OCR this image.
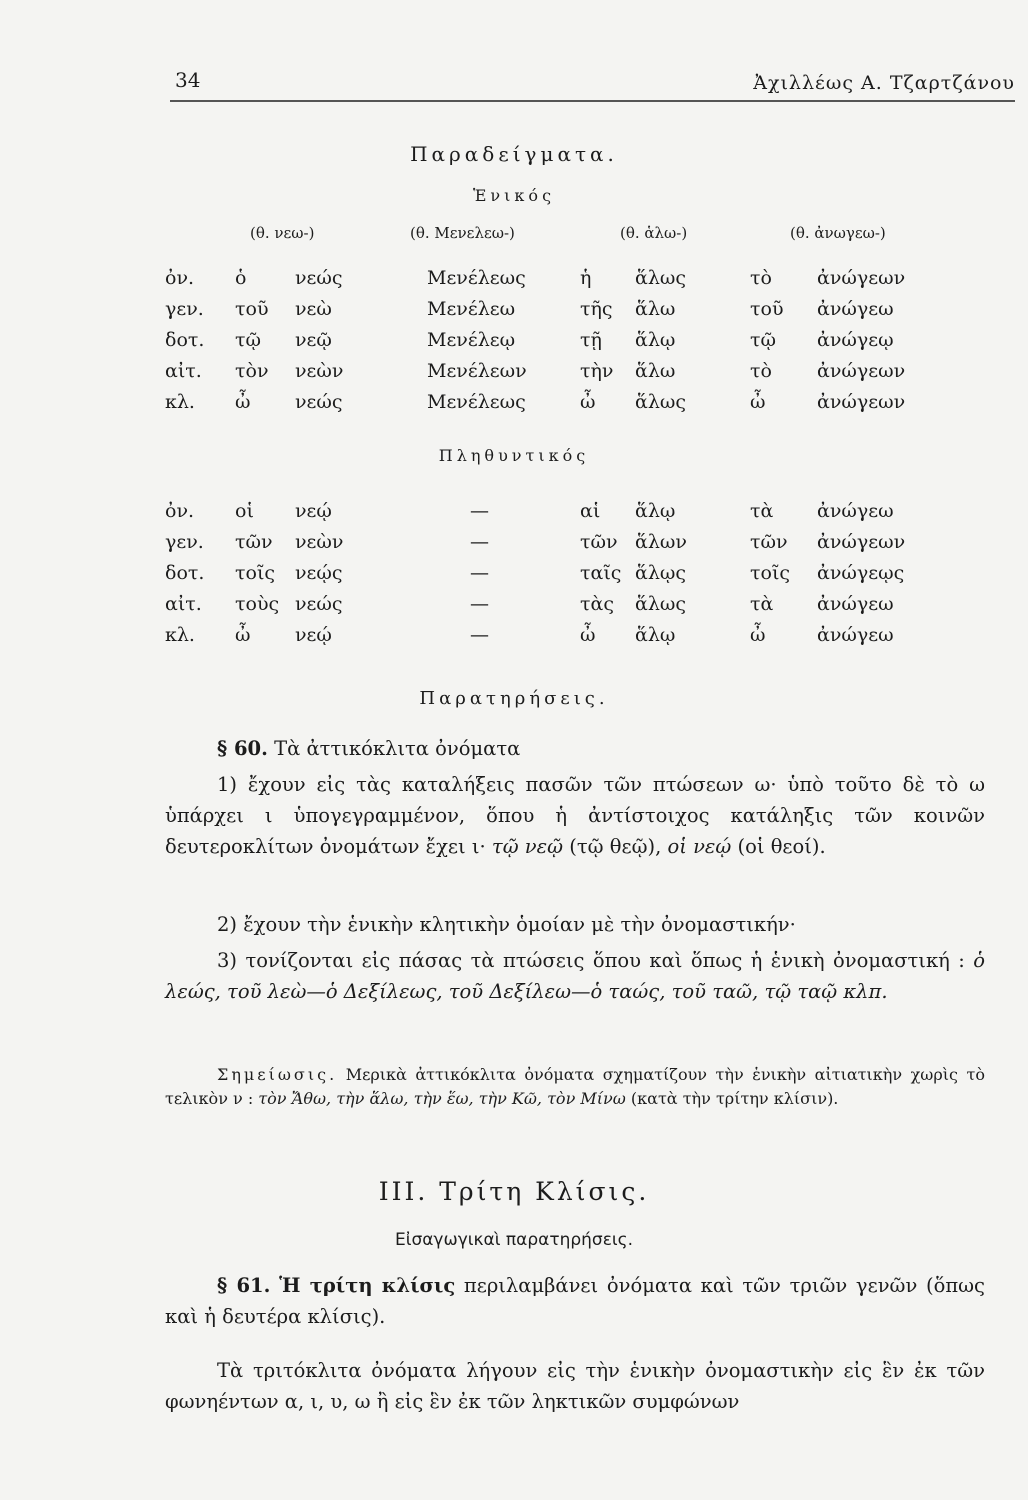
34	Ἀχιλλέως Α. Τζαρτζάνου
Παραδείγματα.
Ἑνικός
(θ. νεω-)	(θ. Μενελεω-)	(θ. ἁλω-)	(θ. ἀνωγεω-)
ὀν. ὁ	νεώς	Μενέλεως	ἡ ἅλως	τὸ ἀνώγεων
γεν. τοῦ νεὼ	Μενέλεω	τῆς ἅλω	τοῦ ἀνώγεω
δοτ. τῷ νεῷ	Μενέλεῳ	τῇ ἅλῳ	τῷ ἀνώγεῳ
αἰτ. τὸν νεὼν	Μενέλεων	τὴν ἅλω	τὸ ἀνώγεων
κλ. ὦ νεώς	Μενέλεως	ὦ ἅλως	ὦ	ἀνώγεων
Πληθυντικός
ὀν. οἱ νεῴ	—	αἱ ἅλῳ	τὰ ἀνώγεω
γεν. τῶν νεὼν	—	τῶν ἅλων	τῶν ἀνώγεων
δοτ. τοῖς νεῴς	—	ταῖς ἅλῳς	τοῖς ἀνώγεῳς
αἰτ. τοὺς νεώς	—	τὰς ἅλως	τὰ ἀνώγεω
κλ. ὦ νεῴ	—	ὦ ἅλῳ	ὦ	ἀνώγεω
Παρατηρήσεις.
§ 60. Τὰ ἀττικόκλιτα ὀνόματα
1) ἔχουν εἰς τὰς καταλήξεις πασῶν τῶν πτώσεων ω· ὑπὸ τοῦτο δὲ τὸ ω ὑπάρχει ι ὑπογεγραμμένον, ὅπου ἡ ἀντίστοιχος κατάληξις τῶν κοινῶν δευτεροκλίτων ὀνομάτων ἔχει ι· τῷ νεῷ (τῷ θεῷ), οἱ νεῴ (οἱ θεοί).
2) ἔχουν τὴν ἑνικὴν κλητικὴν ὁμοίαν μὲ τὴν ὀνομαστικήν·
3) τονίζονται εἰς πάσας τὰ πτώσεις ὅπου καὶ ὅπως ἡ ἑνικὴ ὀνομαστική : ὁ λεώς, τοῦ λεὼ—ὁ Δεξίλεως, τοῦ Δεξίλεω—ὁ ταώς, τοῦ ταῶ, τῷ ταῷ κλπ.
Σημείωσις. Μερικὰ ἀττικόκλιτα ὀνόματα σχηματίζουν τὴν ἑνικὴν αἰτιατικὴν χωρὶς τὸ τελικὸν ν : τὸν Ἄθω, τὴν ἅλω, τὴν ἕω, τὴν Κῶ, τὸν Μίνω (κατὰ τὴν τρίτην κλίσιν).
III. Τρίτη Κλίσις.
Εἰσαγωγικαὶ παρατηρήσεις.
§ 61. Ἡ τρίτη κλίσις περιλαμβάνει ὀνόματα καὶ τῶν τριῶν γενῶν (ὅπως καὶ ἡ δευτέρα κλίσις).
Τὰ τριτόκλιτα ὀνόματα λήγουν εἰς τὴν ἑνικὴν ὀνομαστικὴν εἰς ἓν ἐκ τῶν φωνηέντων α, ι, υ, ω ἢ εἰς ἓν ἐκ τῶν ληκτικῶν συμφώνων
